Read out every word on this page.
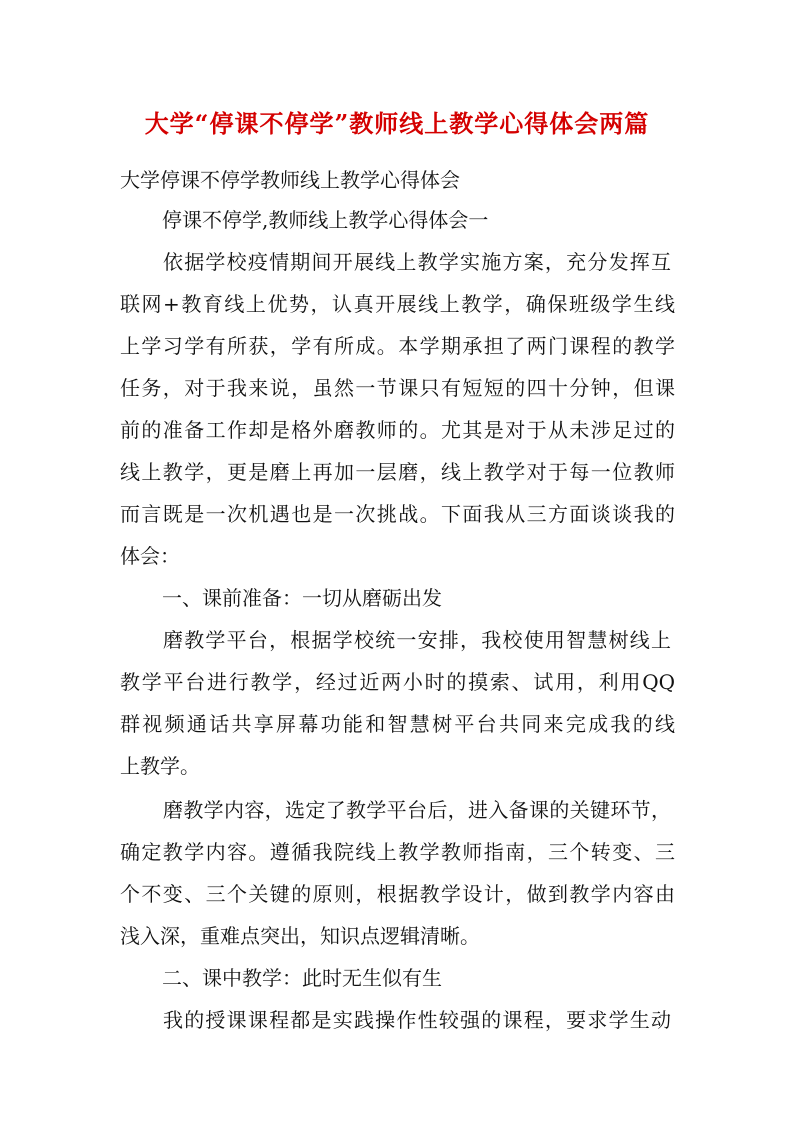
大学“停课不停学”教师线上教学心得体会两篇
大学停课不停学教师线上教学心得体会
停课不停学,教师线上教学心得体会一
依据学校疫情期间开展线上教学实施方案，充分发挥互
联网+教育线上优势，认真开展线上教学，确保班级学生线
上学习学有所获，学有所成。本学期承担了两门课程的教学
任务，对于我来说，虽然一节课只有短短的四十分钟，但课
前的准备工作却是格外磨教师的。尤其是对于从未涉足过的
线上教学，更是磨上再加一层磨，线上教学对于每一位教师
而言既是一次机遇也是一次挑战。下面我从三方面谈谈我的
体会：
一、课前准备：一切从磨砺出发
磨教学平台，根据学校统一安排，我校使用智慧树线上
教学平台进行教学，经过近两小时的摸索、试用，利用QQ
群视频通话共享屏幕功能和智慧树平台共同来完成我的线
上教学。
磨教学内容，选定了教学平台后，进入备课的关键环节，
确定教学内容。遵循我院线上教学教师指南，三个转变、三
个不变、三个关键的原则，根据教学设计，做到教学内容由
浅入深，重难点突出，知识点逻辑清晰。
二、课中教学：此时无生似有生
我的授课课程都是实践操作性较强的课程，要求学生动
